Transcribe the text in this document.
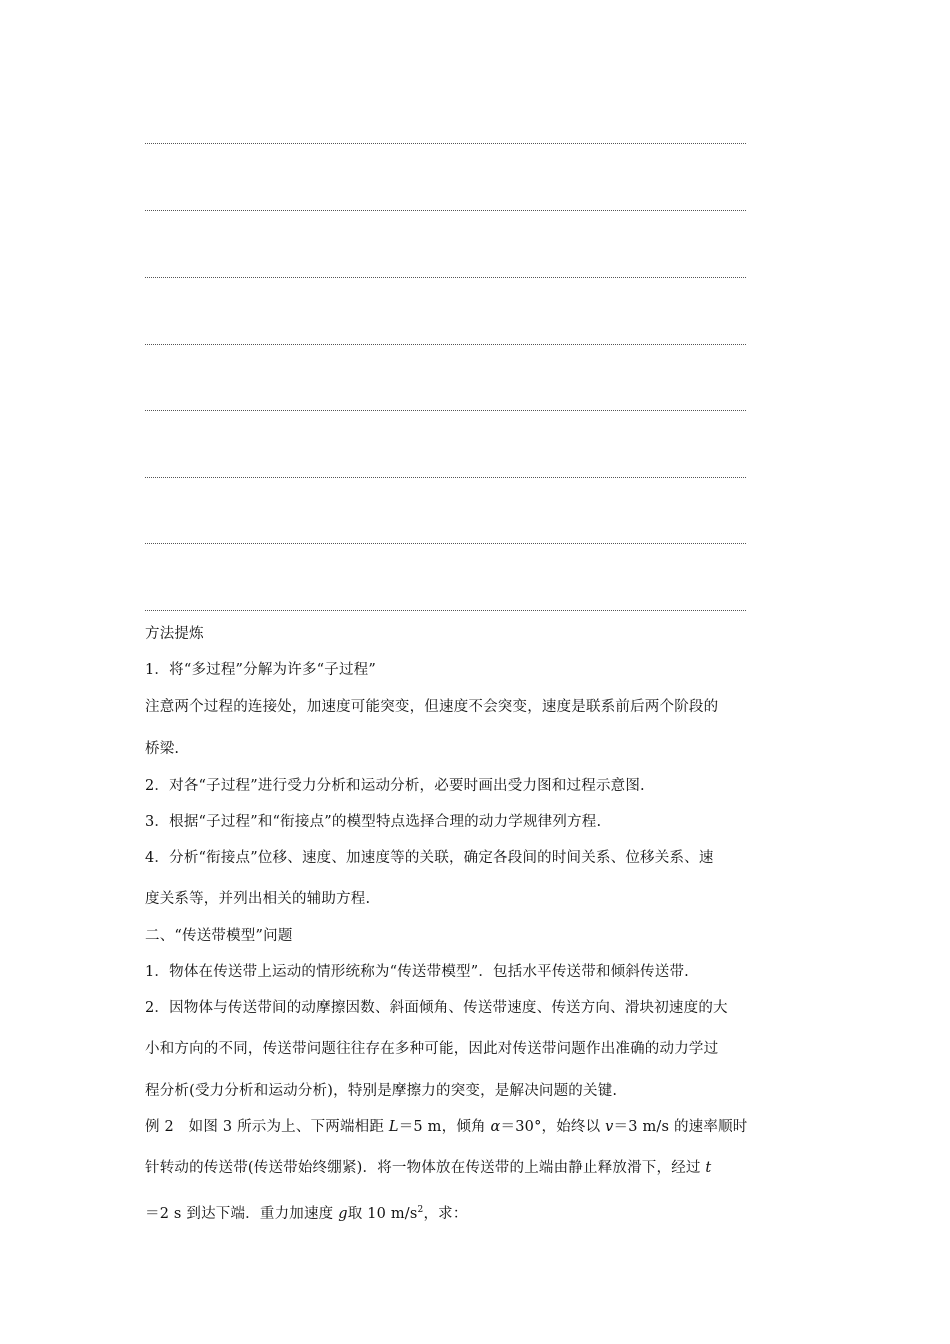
方法提炼
1．将“多过程”分解为许多“子过程”
注意两个过程的连接处，加速度可能突变，但速度不会突变，速度是联系前后两个阶段的
桥梁.
2．对各“子过程”进行受力分析和运动分析，必要时画出受力图和过程示意图.
3．根据“子过程”和“衔接点”的模型特点选择合理的动力学规律列方程.
4．分析“衔接点”位移、速度、加速度等的关联，确定各段间的时间关系、位移关系、速
度关系等，并列出相关的辅助方程.
二、“传送带模型”问题
1．物体在传送带上运动的情形统称为“传送带模型”．包括水平传送带和倾斜传送带.
2．因物体与传送带间的动摩擦因数、斜面倾角、传送带速度、传送方向、滑块初速度的大
小和方向的不同，传送带问题往往存在多种可能，因此对传送带问题作出准确的动力学过
程分析(受力分析和运动分析)，特别是摩擦力的突变，是解决问题的关键.
例 2　如图 3 所示为上、下两端相距 L＝5 m，倾角 α＝30°，始终以 v＝3 m/s 的速率顺时
针转动的传送带(传送带始终绷紧)．将一物体放在传送带的上端由静止释放滑下，经过 t
＝2 s 到达下端．重力加速度 g取 10 $m/s^2$，求：
